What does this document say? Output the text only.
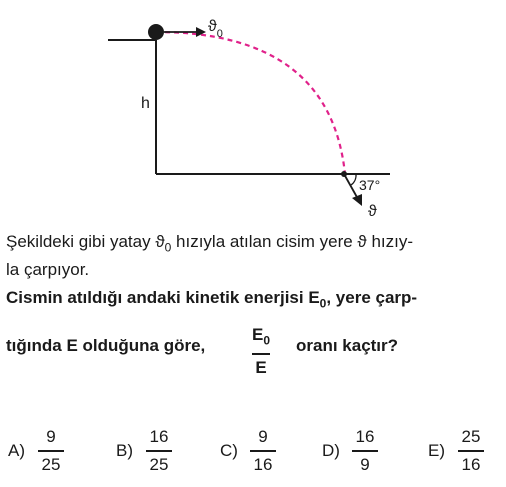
$ϑ_0$
h
37°
ϑ
Şekildeki gibi yatay $ϑ_0$ hızıyla atılan cisim yere ϑ hızıy-
la çarpıyor.
Cismin atıldığı andaki kinetik enerjisi $E_0$, yere çarp-
tığında E olduğuna göre,
$E_0$
E
oranı kaçtır?
A)
9
25
B)
16
25
C)
9
16
D)
16
9
E)
25
16
